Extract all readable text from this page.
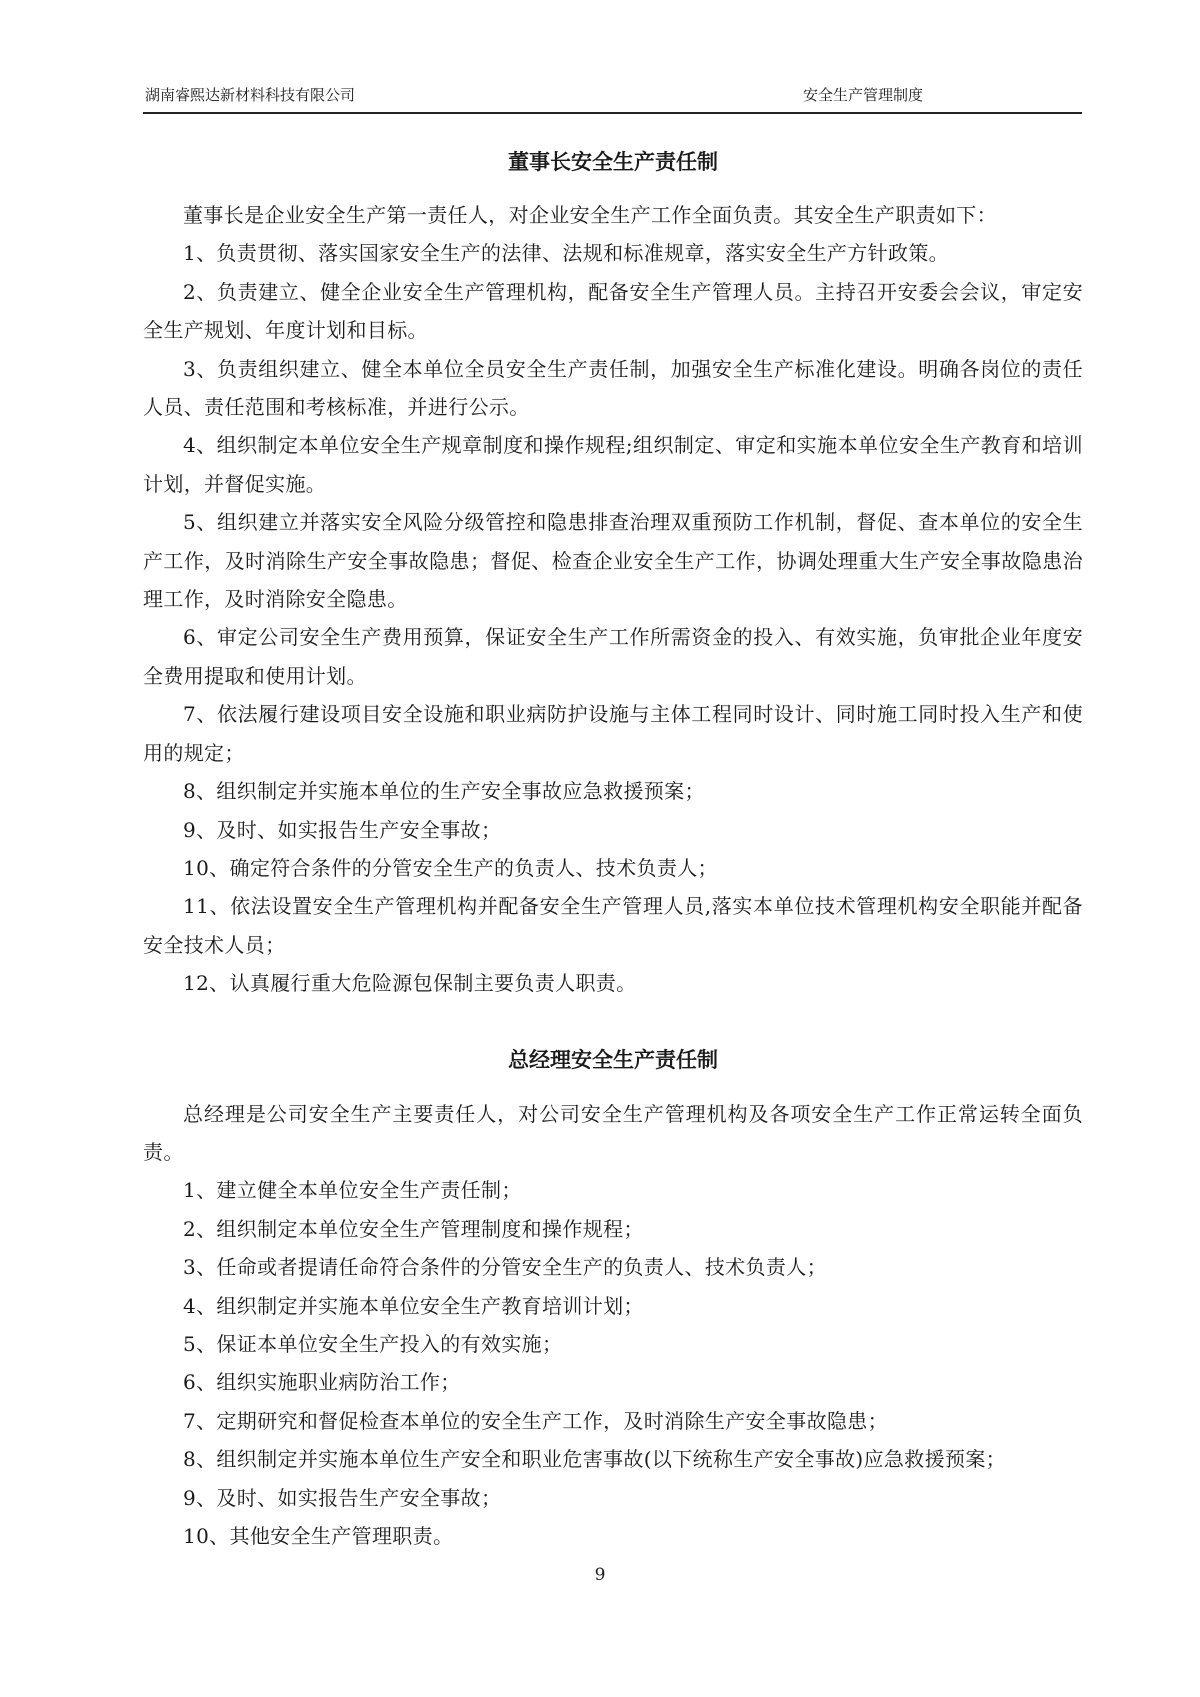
湖南睿熙达新材料科技有限公司	安全生产管理制度
董事长安全生产责任制

董事长是企业安全生产第一责任人，对企业安全生产工作全面负责。其安全生产职责如下：

1、负责贯彻、落实国家安全生产的法律、法规和标准规章，落实安全生产方针政策。

2、负责建立、健全企业安全生产管理机构，配备安全生产管理人员。主持召开安委会会议，审定安全生产规划、年度计划和目标。

3、负责组织建立、健全本单位全员安全生产责任制，加强安全生产标准化建设。明确各岗位的责任人员、责任范围和考核标准，并进行公示。

4、组织制定本单位安全生产规章制度和操作规程;组织制定、审定和实施本单位安全生产教育和培训计划，并督促实施。

5、组织建立并落实安全风险分级管控和隐患排查治理双重预防工作机制，督促、查本单位的安全生产工作，及时消除生产安全事故隐患；督促、检查企业安全生产工作，协调处理重大生产安全事故隐患治理工作，及时消除安全隐患。

6、审定公司安全生产费用预算，保证安全生产工作所需资金的投入、有效实施，负审批企业年度安全费用提取和使用计划。

7、依法履行建设项目安全设施和职业病防护设施与主体工程同时设计、同时施工同时投入生产和使用的规定；

8、组织制定并实施本单位的生产安全事故应急救援预案；

9、及时、如实报告生产安全事故；

10、确定符合条件的分管安全生产的负责人、技术负责人；

11、依法设置安全生产管理机构并配备安全生产管理人员,落实本单位技术管理机构安全职能并配备安全技术人员；

12、认真履行重大危险源包保制主要负责人职责。

总经理安全生产责任制

总经理是公司安全生产主要责任人，对公司安全生产管理机构及各项安全生产工作正常运转全面负责。

1、建立健全本单位安全生产责任制；

2、组织制定本单位安全生产管理制度和操作规程；

3、任命或者提请任命符合条件的分管安全生产的负责人、技术负责人；

4、组织制定并实施本单位安全生产教育培训计划；

5、保证本单位安全生产投入的有效实施；

6、组织实施职业病防治工作；

7、定期研究和督促检查本单位的安全生产工作，及时消除生产安全事故隐患；

8、组织制定并实施本单位生产安全和职业危害事故(以下统称生产安全事故)应急救援预案；

9、及时、如实报告生产安全事故；

10、其他安全生产管理职责。

9
